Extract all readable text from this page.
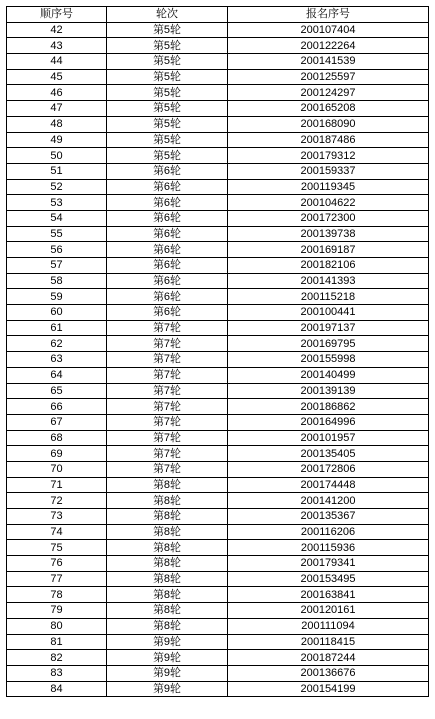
顺序号	轮次	报名序号
42	第5轮	200107404
43	第5轮	200122264
44	第5轮	200141539
45	第5轮	200125597
46	第5轮	200124297
47	第5轮	200165208
48	第5轮	200168090
49	第5轮	200187486
50	第5轮	200179312
51	第6轮	200159337
52	第6轮	200119345
53	第6轮	200104622
54	第6轮	200172300
55	第6轮	200139738
56	第6轮	200169187
57	第6轮	200182106
58	第6轮	200141393
59	第6轮	200115218
60	第6轮	200100441
61	第7轮	200197137
62	第7轮	200169795
63	第7轮	200155998
64	第7轮	200140499
65	第7轮	200139139
66	第7轮	200186862
67	第7轮	200164996
68	第7轮	200101957
69	第7轮	200135405
70	第7轮	200172806
71	第8轮	200174448
72	第8轮	200141200
73	第8轮	200135367
74	第8轮	200116206
75	第8轮	200115936
76	第8轮	200179341
77	第8轮	200153495
78	第8轮	200163841
79	第8轮	200120161
80	第8轮	200111094
81	第9轮	200118415
82	第9轮	200187244
83	第9轮	200136676
84	第9轮	200154199
